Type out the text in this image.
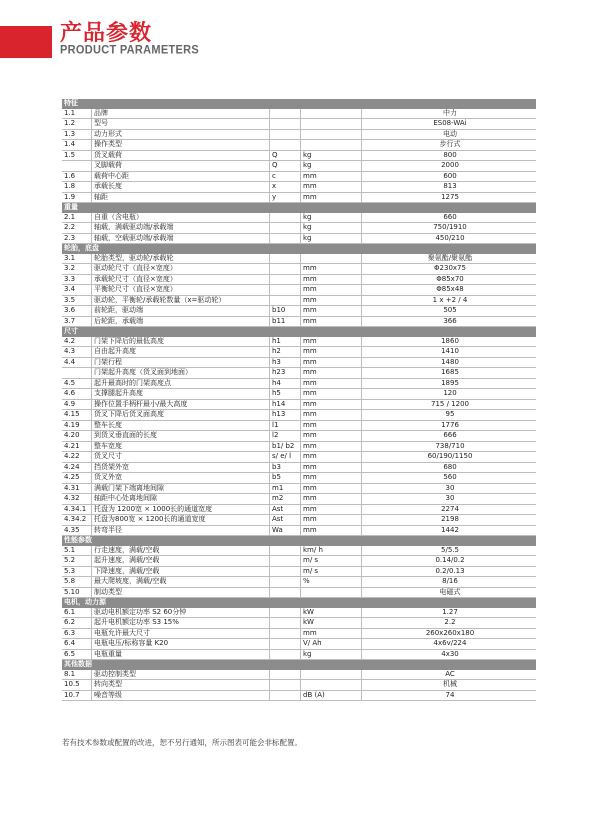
产品参数
PRODUCT PARAMETERS
特征				
1.1	品牌			中力
1.2	型号			ES08-WAi
1.3	动力形式			电动
1.4	操作类型			步行式
1.5	货叉载荷	Q	kg	800
	叉脚载荷	Q	kg	2000
1.6	载荷中心距	c	mm	600
1.8	承载长度	x	mm	813
1.9	轴距	y	mm	1275
重量				
2.1	自重（含电瓶）		kg	660
2.2	轴载，满载驱动端/承载端		kg	750/1910
2.3	轴载，空载驱动端/承载端		kg	450/210
轮胎，底盘				
3.1	轮胎类型，驱动轮/承载轮			聚氨酯/聚氨酯
3.2	驱动轮尺寸（直径×宽度）		mm	Φ230x75
3.3	承载轮尺寸（直径×宽度）		mm	Φ85x70
3.4	平衡轮尺寸（直径×宽度）		mm	Φ85x48
3.5	驱动轮，平衡轮/承载轮数量（x=驱动轮）		mm	1 x +2 / 4
3.6	前轮距，驱动端	b10	mm	505
3.7	后轮距，承载端	b11	mm	366
尺寸				
4.2	门架下降后的最低高度	h1	mm	1860
4.3	自由起升高度	h2	mm	1410
4.4	门架行程	h3	mm	1480
	门架起升高度（货叉面到地面）	h23	mm	1685
4.5	起升最高时的门架高度点	h4	mm	1895
4.6	支撑腿起升高度	h5	mm	120
4.9	操作位置手柄杆最小/最大高度	h14	mm	715 / 1200
4.15	货叉下降后货叉面高度	h13	mm	95
4.19	整车长度	l1	mm	1776
4.20	到货叉垂直面的长度	l2	mm	666
4.21	整车宽度	b1/ b2	mm	738/710
4.22	货叉尺寸	s/ e/ l	mm	60/190/1150
4.24	挡货架外宽	b3	mm	680
4.25	货叉外宽	b5	mm	560
4.31	满载门架下端离地间隙	m1	mm	30
4.32	轴距中心处离地间隙	m2	mm	30
4.34.1	托盘为 1200宽 × 1000长的通道宽度	Ast	mm	2274
4.34.2	托盘为800宽 × 1200长的通道宽度	Ast	mm	2198
4.35	转弯半径	Wa	mm	1442
性能参数				
5.1	行走速度，满载/空载		km/ h	5/5.5
5.2	起升速度，满载/空载		m/ s	0.14/0.2
5.3	下降速度，满载/空载		m/ s	0.2/0.13
5.8	最大爬坡度，满载/空载		%	8/16
5.10	制动类型			电磁式
电机，动力源				
6.1	驱动电机额定功率 S2 60分钟		kW	1.27
6.2	起升电机额定功率 S3 15%		kW	2.2
6.3	电瓶允许最大尺寸		mm	260x260x180
6.4	电瓶电压/标称容量 K20		V/ Ah	4x6v/224
6.5	电瓶重量		kg	4x30
其他数据				
8.1	驱动控制类型			AC
10.5	转向类型			机械
10.7	噪音等级		dB (A)	74
若有技术参数或配置的改进，恕不另行通知，所示图表可能会非标配置。
